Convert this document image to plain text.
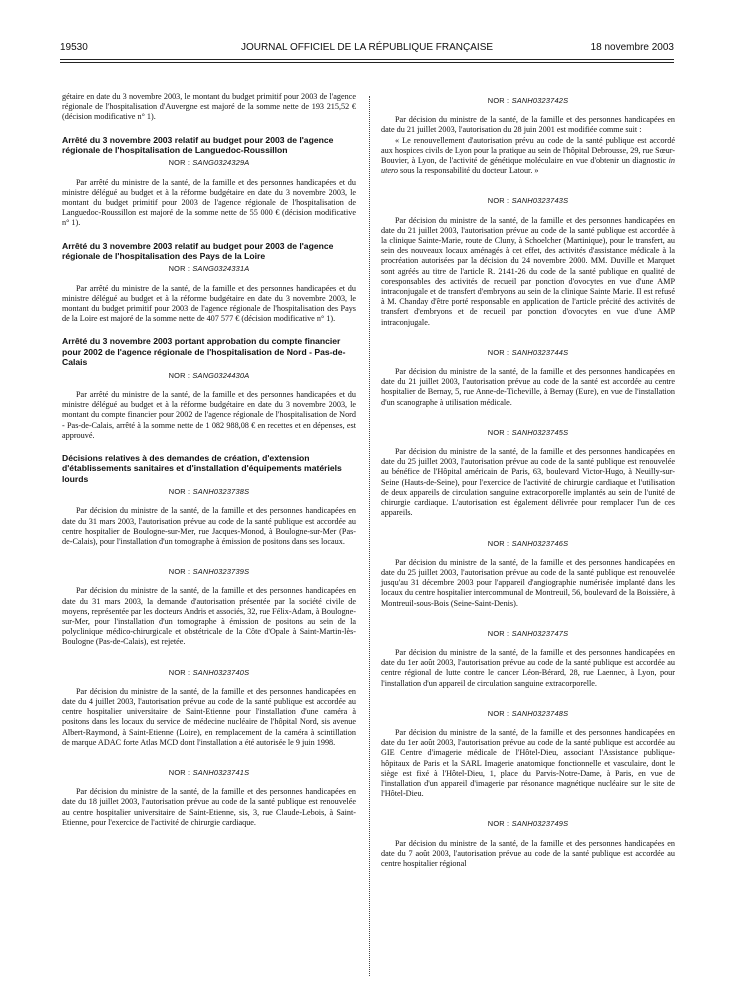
19530	JOURNAL OFFICIEL DE LA RÉPUBLIQUE FRANÇAISE	18 novembre 2003

gétaire en date du 3 novembre 2003, le montant du budget primitif pour 2003 de l'agence régionale de l'hospitalisation d'Auvergne est majoré de la somme nette de 193 215,52 € (décision modificative n° 1).

Arrêté du 3 novembre 2003 relatif au budget pour 2003 de l'agence régionale de l'hospitalisation de Languedoc-Roussillon
NOR : SANG0324329A

Par arrêté du ministre de la santé, de la famille et des personnes handicapées et du ministre délégué au budget et à la réforme budgétaire en date du 3 novembre 2003, le montant du budget primitif pour 2003 de l'agence régionale de l'hospitalisation de Languedoc-Roussillon est majoré de la somme nette de 55 000 € (décision modificative n° 1).

Arrêté du 3 novembre 2003 relatif au budget pour 2003 de l'agence régionale de l'hospitalisation des Pays de la Loire
NOR : SANG0324331A

Par arrêté du ministre de la santé, de la famille et des personnes handicapées et du ministre délégué au budget et à la réforme budgétaire en date du 3 novembre 2003, le montant du budget primitif pour 2003 de l'agence régionale de l'hospitalisation des Pays de la Loire est majoré de la somme nette de 407 577 € (décision modificative n° 1).

Arrêté du 3 novembre 2003 portant approbation du compte financier pour 2002 de l'agence régionale de l'hospitalisation de Nord - Pas-de-Calais
NOR : SANG0324430A

Par arrêté du ministre de la santé, de la famille et des personnes handicapées et du ministre délégué au budget et à la réforme budgétaire en date du 3 novembre 2003, le montant du compte financier pour 2002 de l'agence régionale de l'hospitalisation de Nord - Pas-de-Calais, arrêté à la somme nette de 1 082 988,08 € en recettes et en dépenses, est approuvé.

Décisions relatives à des demandes de création, d'extension d'établissements sanitaires et d'installation d'équipements matériels lourds
NOR : SANH0323738S

Par décision du ministre de la santé, de la famille et des personnes handicapées en date du 31 mars 2003, l'autorisation prévue au code de la santé publique est accordée au centre hospitalier de Boulogne-sur-Mer, rue Jacques-Monod, à Boulogne-sur-Mer (Pas-de-Calais), pour l'installation d'un tomographe à émission de positons dans ses locaux.

NOR : SANH0323739S

Par décision du ministre de la santé, de la famille et des personnes handicapées en date du 31 mars 2003, la demande d'autorisation présentée par la société civile de moyens, représentée par les docteurs Andris et associés, 32, rue Félix-Adam, à Boulogne-sur-Mer, pour l'installation d'un tomographe à émission de positons au sein de la polyclinique médico-chirurgicale et obstétricale de la Côte d'Opale à Saint-Martin-lès-Boulogne (Pas-de-Calais), est rejetée.

NOR : SANH0323740S

Par décision du ministre de la santé, de la famille et des personnes handicapées en date du 4 juillet 2003, l'autorisation prévue au code de la santé publique est accordée au centre hospitalier universitaire de Saint-Etienne pour l'installation d'une caméra à positons dans les locaux du service de médecine nucléaire de l'hôpital Nord, sis avenue Albert-Raymond, à Saint-Etienne (Loire), en remplacement de la caméra à scintillation de marque ADAC forte Atlas MCD dont l'installation a été autorisée le 9 juin 1998.

NOR : SANH0323741S

Par décision du ministre de la santé, de la famille et des personnes handicapées en date du 18 juillet 2003, l'autorisation prévue au code de la santé publique est renouvelée au centre hospitalier universitaire de Saint-Etienne, sis, 3, rue Claude-Lebois, à Saint-Etienne, pour l'exercice de l'activité de chirurgie cardiaque.

NOR : SANH0323742S

Par décision du ministre de la santé, de la famille et des personnes handicapées en date du 21 juillet 2003, l'autorisation du 28 juin 2001 est modifiée comme suit :

« Le renouvellement d'autorisation prévu au code de la santé publique est accordé aux hospices civils de Lyon pour la pratique au sein de l'hôpital Debrousse, 29, rue Sœur-Bouvier, à Lyon, de l'activité de génétique moléculaire en vue d'obtenir un diagnostic in utero sous la responsabilité du docteur Latour. »

NOR : SANH0323743S

Par décision du ministre de la santé, de la famille et des personnes handicapées en date du 21 juillet 2003, l'autorisation prévue au code de la santé publique est accordée à la clinique Sainte-Marie, route de Cluny, à Schoelcher (Martinique), pour le transfert, au sein des nouveaux locaux aménagés à cet effet, des activités d'assistance médicale à la procréation autorisées par la décision du 24 novembre 2000. MM. Duville et Marquet sont agréés au titre de l'article R. 2141-26 du code de la santé publique en qualité de coresponsables des activités de recueil par ponction d'ovocytes en vue d'une AMP intraconjugale et de transfert d'embryons au sein de la clinique Sainte Marie. Il est refusé à M. Chanday d'être porté responsable en application de l'article précité des activités de transfert d'embryons et de recueil par ponction d'ovocytes en vue d'une AMP intraconjugale.

NOR : SANH0323744S

Par décision du ministre de la santé, de la famille et des personnes handicapées en date du 21 juillet 2003, l'autorisation prévue au code de la santé est accordée au centre hospitalier de Bernay, 5, rue Anne-de-Ticheville, à Bernay (Eure), en vue de l'installation d'un scanographe à utilisation médicale.

NOR : SANH0323745S

Par décision du ministre de la santé, de la famille et des personnes handicapées en date du 25 juillet 2003, l'autorisation prévue au code de la santé publique est renouvelée au bénéfice de l'Hôpital américain de Paris, 63, boulevard Victor-Hugo, à Neuilly-sur-Seine (Hauts-de-Seine), pour l'exercice de l'activité de chirurgie cardiaque et l'utilisation de deux appareils de circulation sanguine extracorporelle implantés au sein de l'unité de chirurgie cardiaque. L'autorisation est également délivrée pour remplacer l'un de ces appareils.

NOR : SANH0323746S

Par décision du ministre de la santé, de la famille et des personnes handicapées en date du 25 juillet 2003, l'autorisation prévue au code de la santé publique est renouvelée jusqu'au 31 décembre 2003 pour l'appareil d'angiographie numérisée implanté dans les locaux du centre hospitalier intercommunal de Montreuil, 56, boulevard de la Boissière, à Montreuil-sous-Bois (Seine-Saint-Denis).

NOR : SANH0323747S

Par décision du ministre de la santé, de la famille et des personnes handicapées en date du 1er août 2003, l'autorisation prévue au code de la santé publique est accordée au centre régional de lutte contre le cancer Léon-Bérard, 28, rue Laennec, à Lyon, pour l'installation d'un appareil de circulation sanguine extracorporelle.

NOR : SANH0323748S

Par décision du ministre de la santé, de la famille et des personnes handicapées en date du 1er août 2003, l'autorisation prévue au code de la santé publique est accordée au GIE Centre d'imagerie médicale de l'Hôtel-Dieu, associant l'Assistance publique-hôpitaux de Paris et la SARL Imagerie anatomique fonctionnelle et vasculaire, dont le siège est fixé à l'Hôtel-Dieu, 1, place du Parvis-Notre-Dame, à Paris, en vue de l'installation d'un appareil d'imagerie par résonance magnétique nucléaire sur le site de l'Hôtel-Dieu.

NOR : SANH0323749S

Par décision du ministre de la santé, de la famille et des personnes handicapées en date du 7 août 2003, l'autorisation prévue au code de la santé publique est accordée au centre hospitalier régional
